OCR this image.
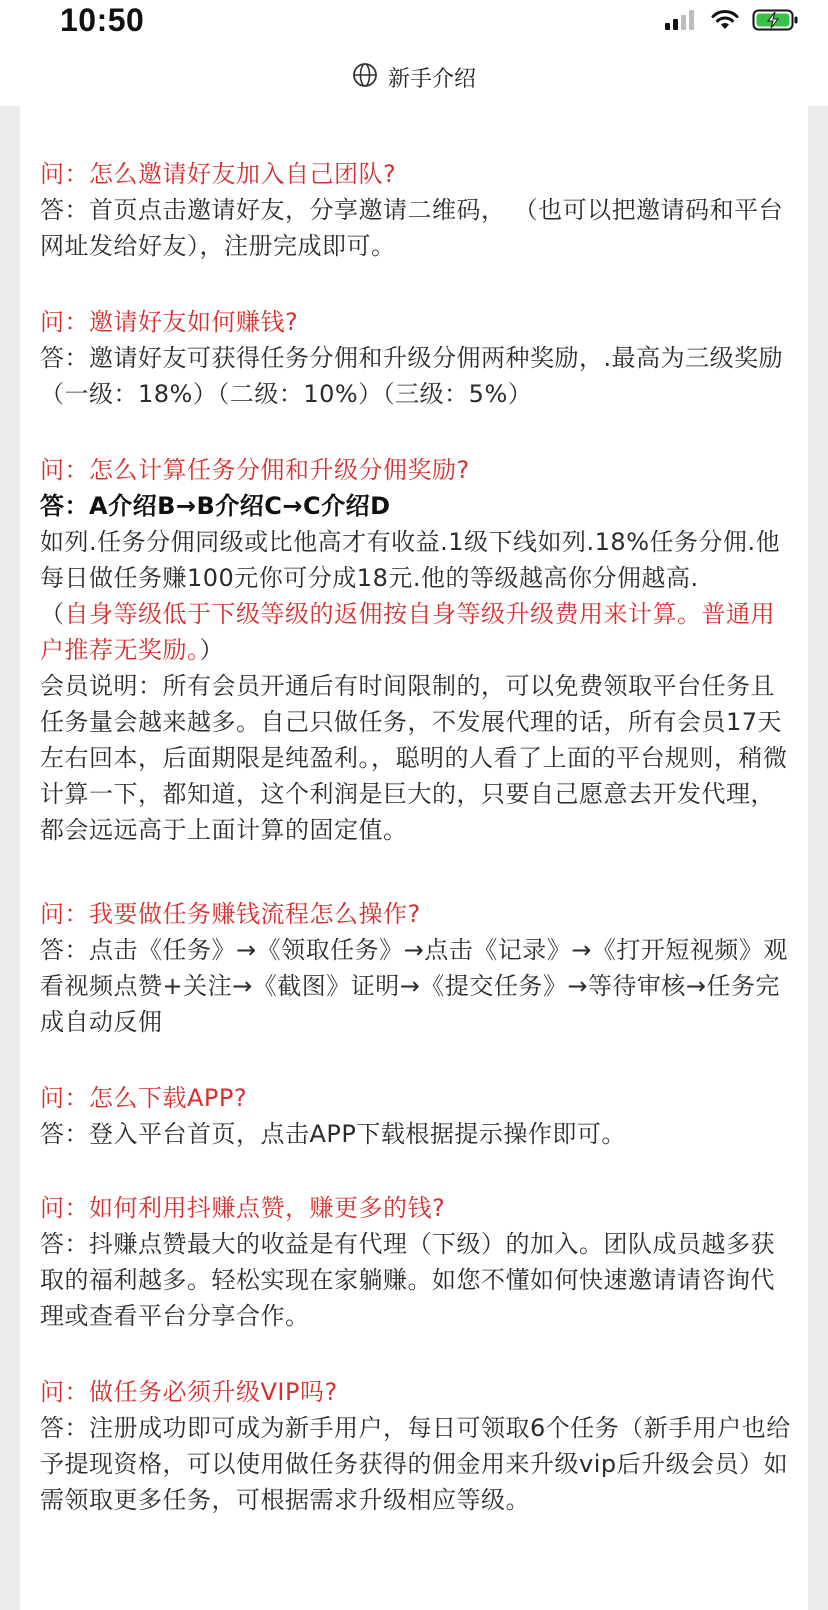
10:50
新手介绍

问：怎么邀请好友加入自己团队?

答：首页点击邀请好友，分享邀请二维码， （也可以把邀请码和平台网址发给好友），注册完成即可。

问：邀请好友如何赚钱?

答：邀请好友可获得任务分佣和升级分佣两种奖励，.最高为三级奖励（一级：18%）（二级：10%）（三级：5%）

问：怎么计算任务分佣和升级分佣奖励?

答：A介绍B→B介绍C→C介绍D

如列.任务分佣同级或比他高才有收益.1级下线如列.18%任务分佣.他每日做任务赚100元你可分成18元.他的等级越高你分佣越高.

（自身等级低于下级等级的返佣按自身等级升级费用来计算。普通用户推荐无奖励。）

会员说明：所有会员开通后有时间限制的，可以免费领取平台任务且任务量会越来越多。自己只做任务，不发展代理的话，所有会员17天左右回本，后面期限是纯盈利。，聪明的人看了上面的平台规则，稍微计算一下，都知道，这个利润是巨大的，只要自己愿意去开发代理，都会远远高于上面计算的固定值。

问：我要做任务赚钱流程怎么操作?

答：点击《任务》→《领取任务》→点击《记录》→《打开短视频》观看视频点赞+关注→《截图》证明→《提交任务》→等待审核→任务完成自动反佣

问：怎么下载APP?

答：登入平台首页，点击APP下载根据提示操作即可。

问：如何利用抖赚点赞，赚更多的钱?

答：抖赚点赞最大的收益是有代理（下级）的加入。团队成员越多获取的福利越多。轻松实现在家躺赚。如您不懂如何快速邀请请咨询代理或查看平台分享合作。

问：做任务必须升级VIP吗?

答：注册成功即可成为新手用户，每日可领取6个任务（新手用户也给予提现资格，可以使用做任务获得的佣金用来升级vip后升级会员）如需领取更多任务，可根据需求升级相应等级。
